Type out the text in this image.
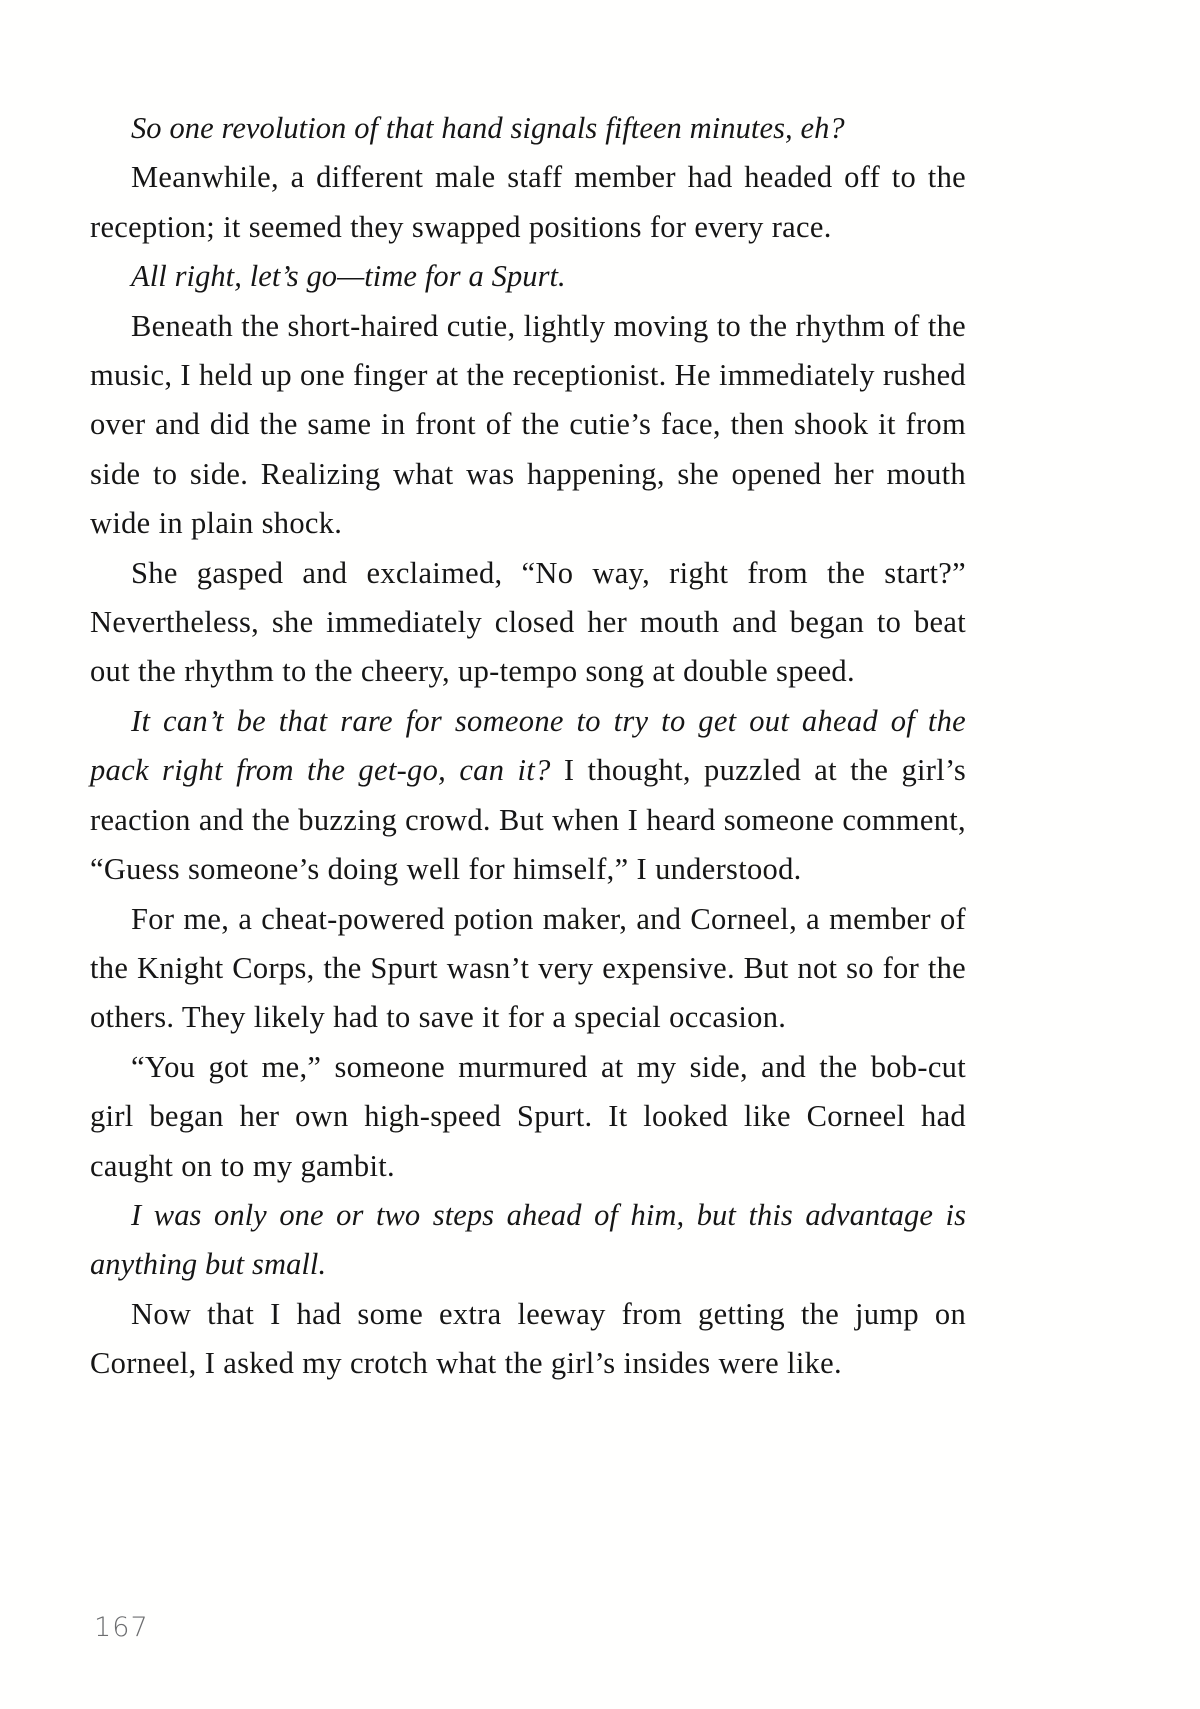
So one revolution of that hand signals fifteen minutes, eh?

Meanwhile, a different male staff member had headed off to the reception; it seemed they swapped positions for every race.

All right, let’s go—time for a Spurt.

Beneath the short-haired cutie, lightly moving to the rhythm of the music, I held up one finger at the receptionist. He immediately rushed over and did the same in front of the cutie’s face, then shook it from side to side. Realizing what was happening, she opened her mouth wide in plain shock.

She gasped and exclaimed, “No way, right from the start?” Nevertheless, she immediately closed her mouth and began to beat out the rhythm to the cheery, up-tempo song at double speed.

It can’t be that rare for someone to try to get out ahead of the pack right from the get-go, can it? I thought, puzzled at the girl’s reaction and the buzzing crowd. But when I heard someone comment, “Guess someone’s doing well for himself,” I understood.

For me, a cheat-powered potion maker, and Corneel, a member of the Knight Corps, the Spurt wasn’t very expensive. But not so for the others. They likely had to save it for a special occasion.

“You got me,” someone murmured at my side, and the bob-cut girl began her own high-speed Spurt. It looked like Corneel had caught on to my gambit.

I was only one or two steps ahead of him, but this advantage is anything but small.

Now that I had some extra leeway from getting the jump on Corneel, I asked my crotch what the girl’s insides were like.

167
